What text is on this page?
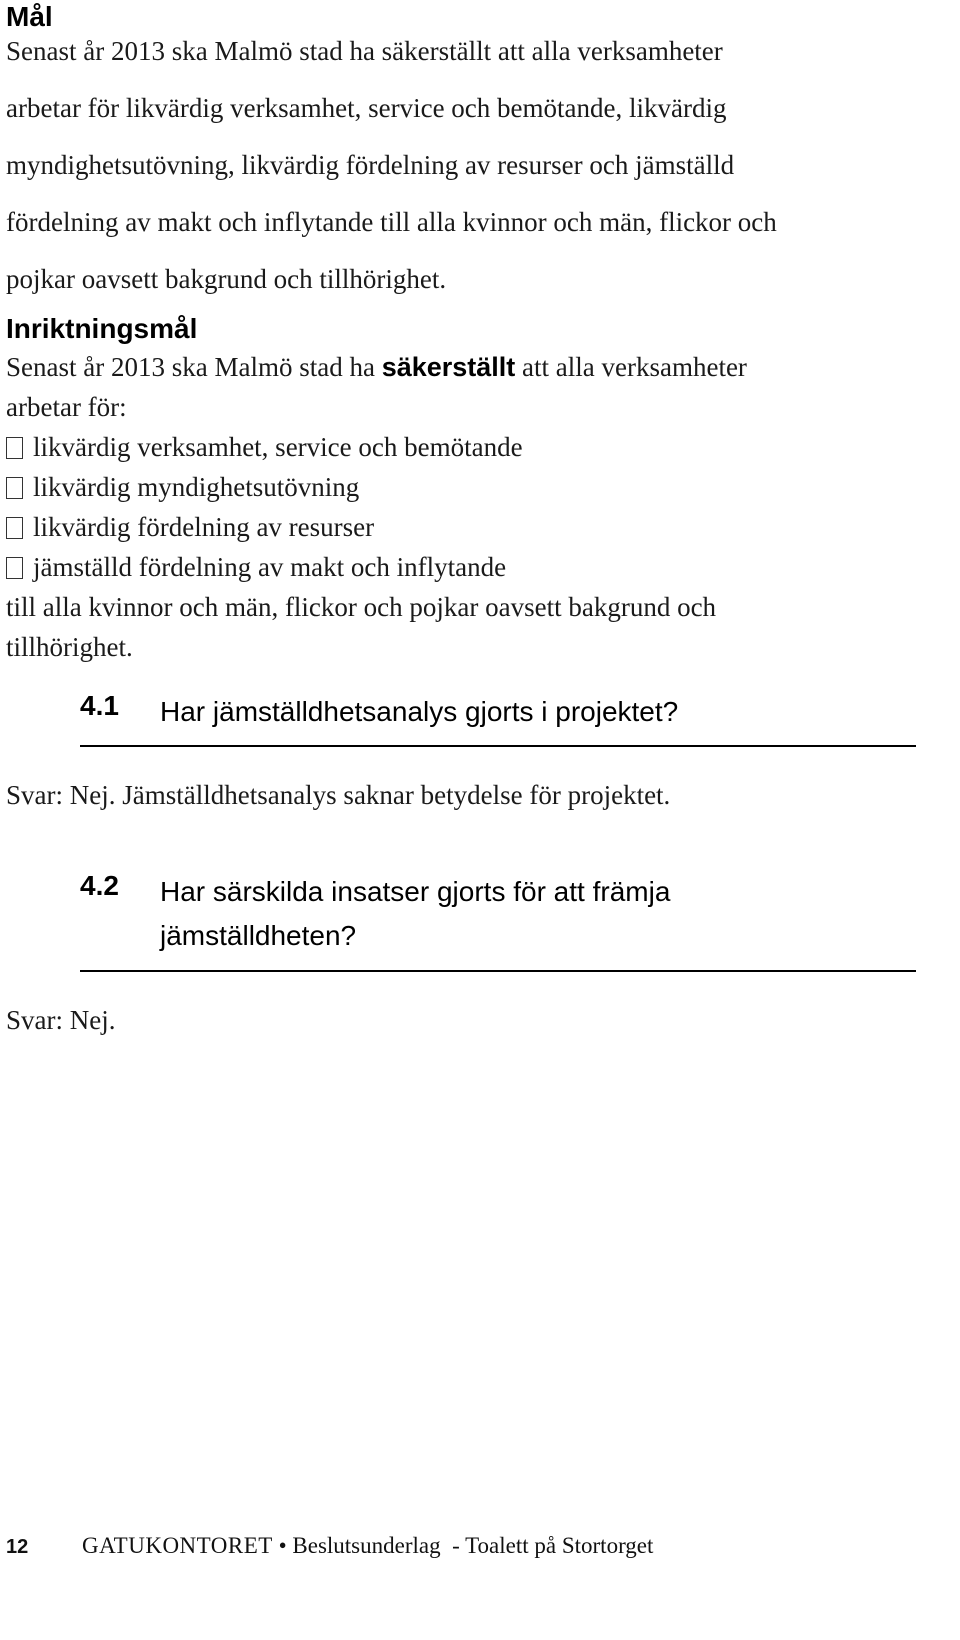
Mål
Senast år 2013 ska Malmö stad ha säkerställt att alla verksamheter
arbetar för likvärdig verksamhet, service och bemötande, likvärdig
myndighetsutövning, likvärdig fördelning av resurser och jämställd
fördelning av makt och inflytande till alla kvinnor och män, flickor och
pojkar oavsett bakgrund och tillhörighet.
Inriktningsmål
Senast år 2013 ska Malmö stad ha säkerställt att alla verksamheter
arbetar för:
likvärdig verksamhet, service och bemötande
likvärdig myndighetsutövning
likvärdig fördelning av resurser
jämställd fördelning av makt och inflytande
till alla kvinnor och män, flickor och pojkar oavsett bakgrund och
tillhörighet.
4.1 Har jämställdhetsanalys gjorts i projektet?

Svar: Nej. Jämställdhetsanalys saknar betydelse för projektet.

4.2 Har särskilda insatser gjorts för att främja
jämställdheten?

Svar: Nej.

12 GATUKONTORET • Beslutsunderlag  - Toalett på Stortorget
